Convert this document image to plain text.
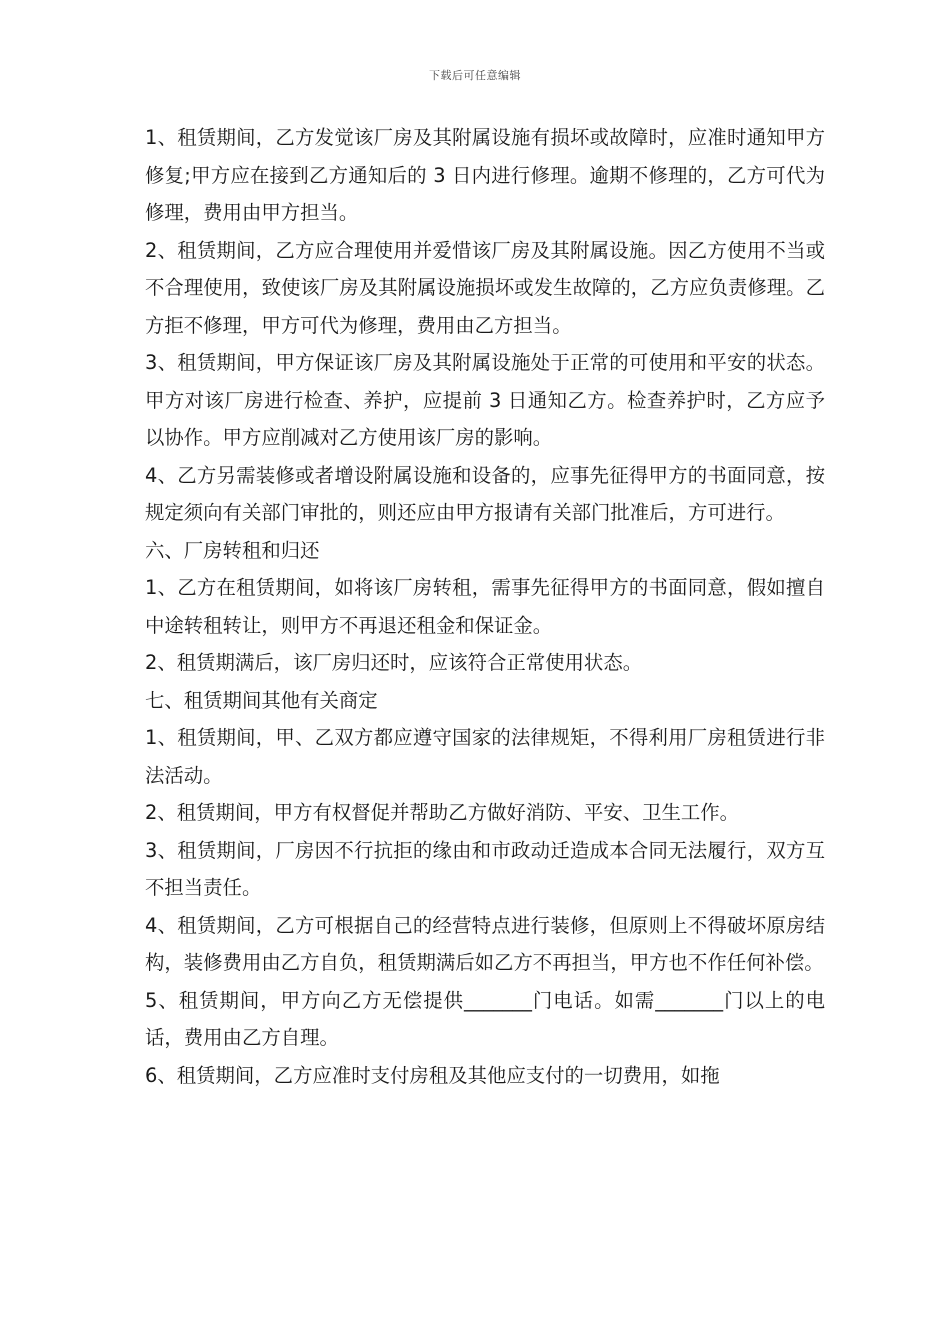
下载后可任意编辑

1、租赁期间，乙方发觉该厂房及其附属设施有损坏或故障时，应准时通知甲方修复;甲方应在接到乙方通知后的 3 日内进行修理。逾期不修理的，乙方可代为修理，费用由甲方担当。

2、租赁期间，乙方应合理使用并爱惜该厂房及其附属设施。因乙方使用不当或不合理使用，致使该厂房及其附属设施损坏或发生故障的，乙方应负责修理。乙方拒不修理，甲方可代为修理，费用由乙方担当。

3、租赁期间，甲方保证该厂房及其附属设施处于正常的可使用和平安的状态。甲方对该厂房进行检查、养护，应提前 3 日通知乙方。检查养护时，乙方应予以协作。甲方应削减对乙方使用该厂房的影响。

4、乙方另需装修或者增设附属设施和设备的，应事先征得甲方的书面同意，按规定须向有关部门审批的，则还应由甲方报请有关部门批准后，方可进行。

六、厂房转租和归还

1、乙方在租赁期间，如将该厂房转租，需事先征得甲方的书面同意，假如擅自中途转租转让，则甲方不再退还租金和保证金。

2、租赁期满后，该厂房归还时，应该符合正常使用状态。

七、租赁期间其他有关商定

1、租赁期间，甲、乙双方都应遵守国家的法律规矩，不得利用厂房租赁进行非法活动。

2、租赁期间，甲方有权督促并帮助乙方做好消防、平安、卫生工作。

3、租赁期间，厂房因不行抗拒的缘由和市政动迁造成本合同无法履行，双方互不担当责任。

4、租赁期间，乙方可根据自己的经营特点进行装修，但原则上不得破坏原房结构，装修费用由乙方自负，租赁期满后如乙方不再担当，甲方也不作任何补偿。

5、租赁期间，甲方向乙方无偿提供_______门电话。如需_______门以上的电话，费用由乙方自理。

6、租赁期间，乙方应准时支付房租及其他应支付的一切费用，如拖
